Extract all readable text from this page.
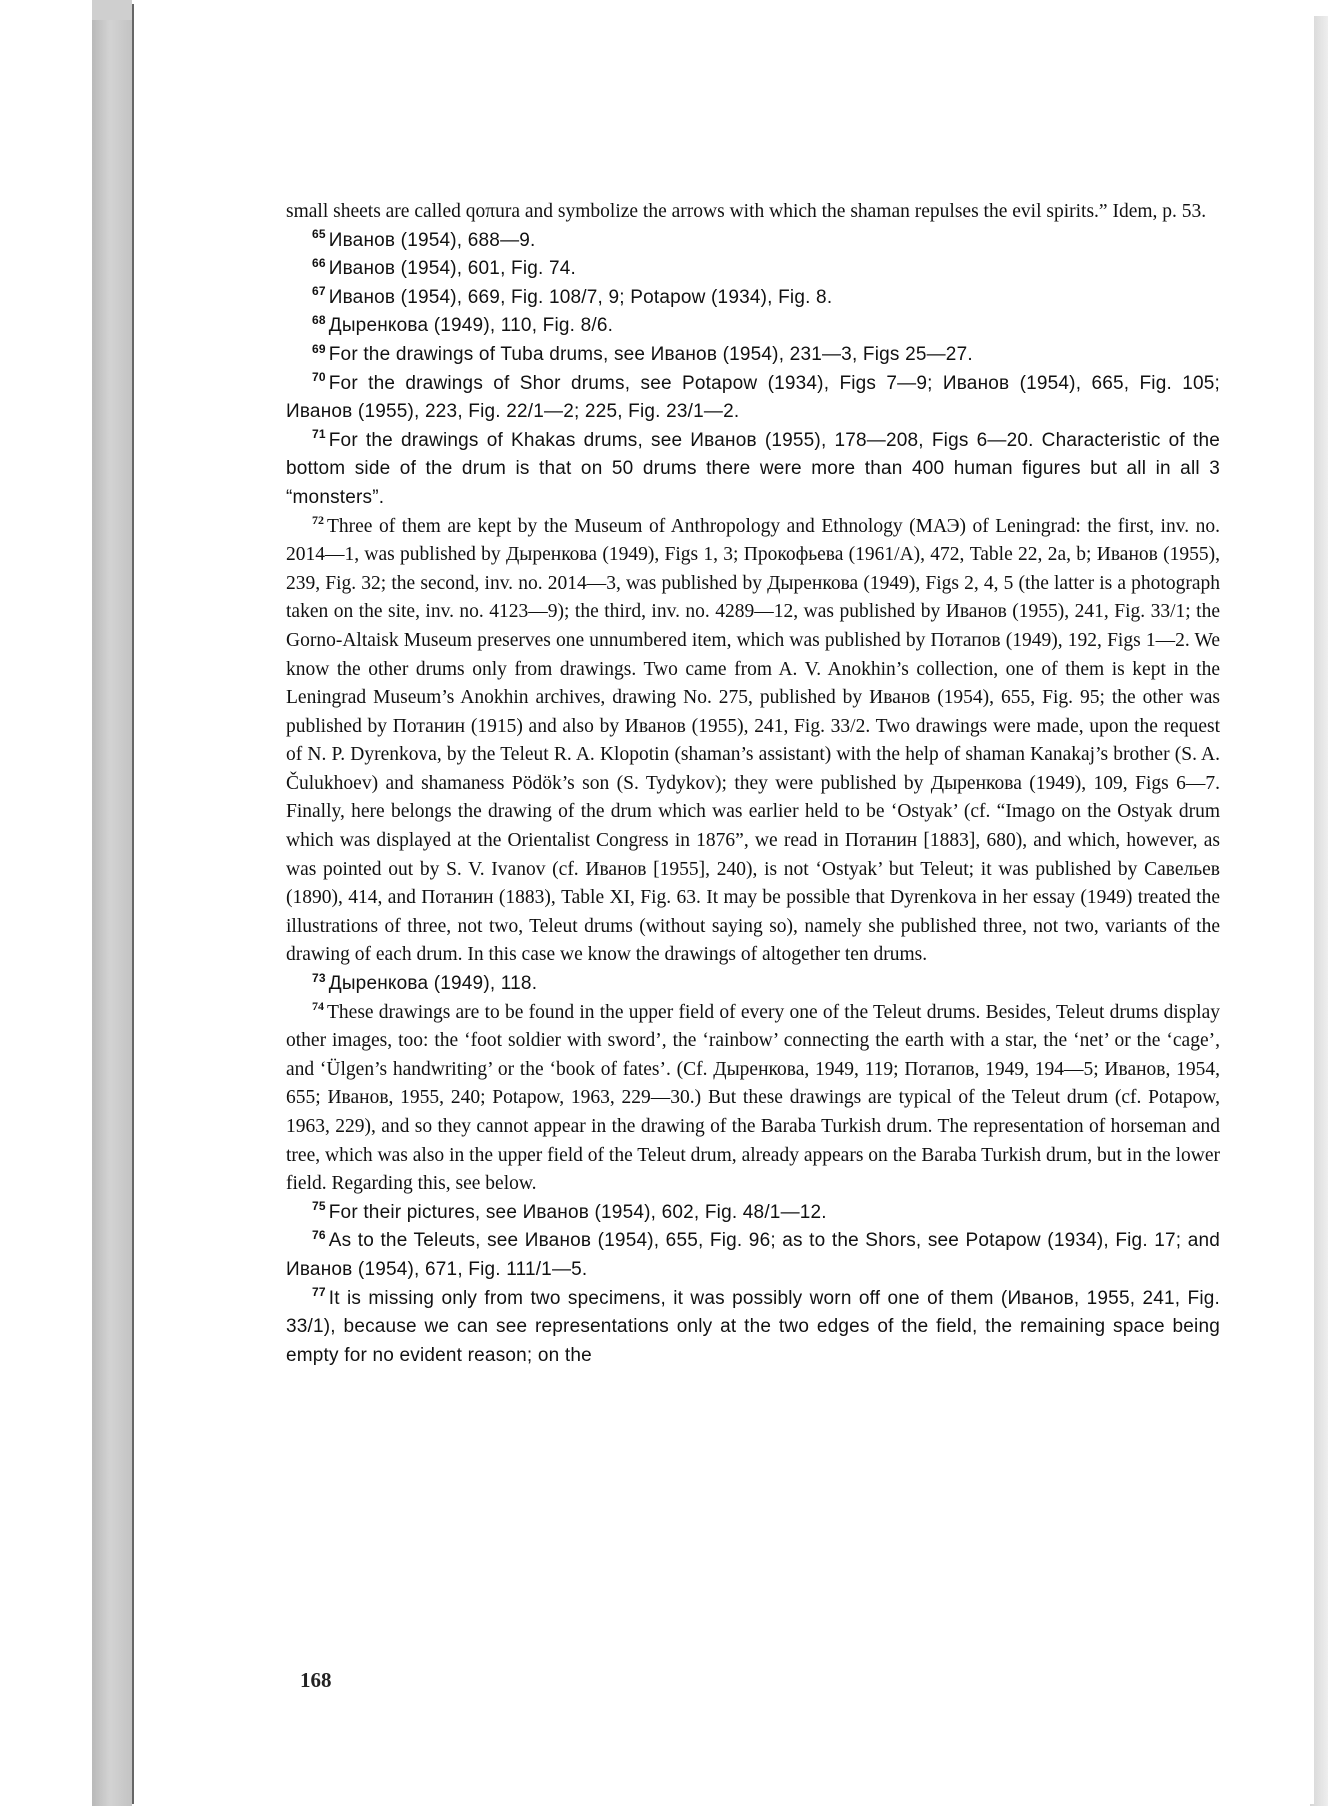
small sheets are called qoπura and symbolize the arrows with which the shaman repulses the evil spirits.” Idem, p. 53.

$^{65}$ Иванов (1954), 688—9.

$^{66}$ Иванов (1954), 601, Fig. 74.

$^{67}$ Иванов (1954), 669, Fig. 108/7, 9; Potapow (1934), Fig. 8.

$^{68}$ Дыренкова (1949), 110, Fig. 8/6.

$^{69}$ For the drawings of Tuba drums, see Иванов (1954), 231—3, Figs 25—27.

$^{70}$ For the drawings of Shor drums, see Potapow (1934), Figs 7—9; Иванов (1954), 665, Fig. 105; Иванов (1955), 223, Fig. 22/1—2; 225, Fig. 23/1—2.

$^{71}$ For the drawings of Khakas drums, see Иванов (1955), 178—208, Figs 6—20. Characteristic of the bottom side of the drum is that on 50 drums there were more than 400 human figures but all in all 3 “monsters”.

$^{72}$ Three of them are kept by the Museum of Anthropology and Ethnology (МАЭ) of Leningrad: the first, inv. no. 2014—1, was published by Дыренкова (1949), Figs 1, 3; Прокофьева (1961/A), 472, Table 22, 2a, b; Иванов (1955), 239, Fig. 32; the second, inv. no. 2014—3, was published by Дыренкова (1949), Figs 2, 4, 5 (the latter is a photograph taken on the site, inv. no. 4123—9); the third, inv. no. 4289—12, was published by Иванов (1955), 241, Fig. 33/1; the Gorno-Altaisk Museum preserves one unnumbered item, which was published by Потапов (1949), 192, Figs 1—2. We know the other drums only from drawings. Two came from A. V. Anokhin’s collection, one of them is kept in the Leningrad Museum’s Anokhin archives, drawing No. 275, published by Иванов (1954), 655, Fig. 95; the other was published by Потанин (1915) and also by Иванов (1955), 241, Fig. 33/2. Two drawings were made, upon the request of N. P. Dyrenkova, by the Teleut R. A. Klopotin (shaman’s assistant) with the help of shaman Kanakaj’s brother (S. A. Čulukhoev) and shamaness Pödök’s son (S. Tydykov); they were published by Дыренкова (1949), 109, Figs 6—7. Finally, here belongs the drawing of the drum which was earlier held to be ‘Ostyak’ (cf. “Imago on the Ostyak drum which was displayed at the Orientalist Congress in 1876”, we read in Потанин [1883], 680), and which, however, as was pointed out by S. V. Ivanov (cf. Иванов [1955], 240), is not ‘Ostyak’ but Teleut; it was published by Савельев (1890), 414, and Потанин (1883), Table XI, Fig. 63. It may be possible that Dyrenkova in her essay (1949) treated the illustrations of three, not two, Teleut drums (without saying so), namely she published three, not two, variants of the drawing of each drum. In this case we know the drawings of altogether ten drums.

$^{73}$ Дыренкова (1949), 118.

$^{74}$ These drawings are to be found in the upper field of every one of the Teleut drums. Besides, Teleut drums display other images, too: the ‘foot soldier with sword’, the ‘rainbow’ connecting the earth with a star, the ‘net’ or the ‘cage’, and ‘Ülgen’s handwriting’ or the ‘book of fates’. (Cf. Дыренкова, 1949, 119; Потапов, 1949, 194—5; Иванов, 1954, 655; Иванов, 1955, 240; Potapow, 1963, 229—30.) But these drawings are typical of the Teleut drum (cf. Potapow, 1963, 229), and so they cannot appear in the drawing of the Baraba Turkish drum. The representation of horseman and tree, which was also in the upper field of the Teleut drum, already appears on the Baraba Turkish drum, but in the lower field. Regarding this, see below.

$^{75}$ For their pictures, see Иванов (1954), 602, Fig. 48/1—12.

$^{76}$ As to the Teleuts, see Иванов (1954), 655, Fig. 96; as to the Shors, see Potapow (1934), Fig. 17; and Иванов (1954), 671, Fig. 111/1—5.

$^{77}$ It is missing only from two specimens, it was possibly worn off one of them (Иванов, 1955, 241, Fig. 33/1), because we can see representations only at the two edges of the field, the remaining space being empty for no evident reason; on the

168
